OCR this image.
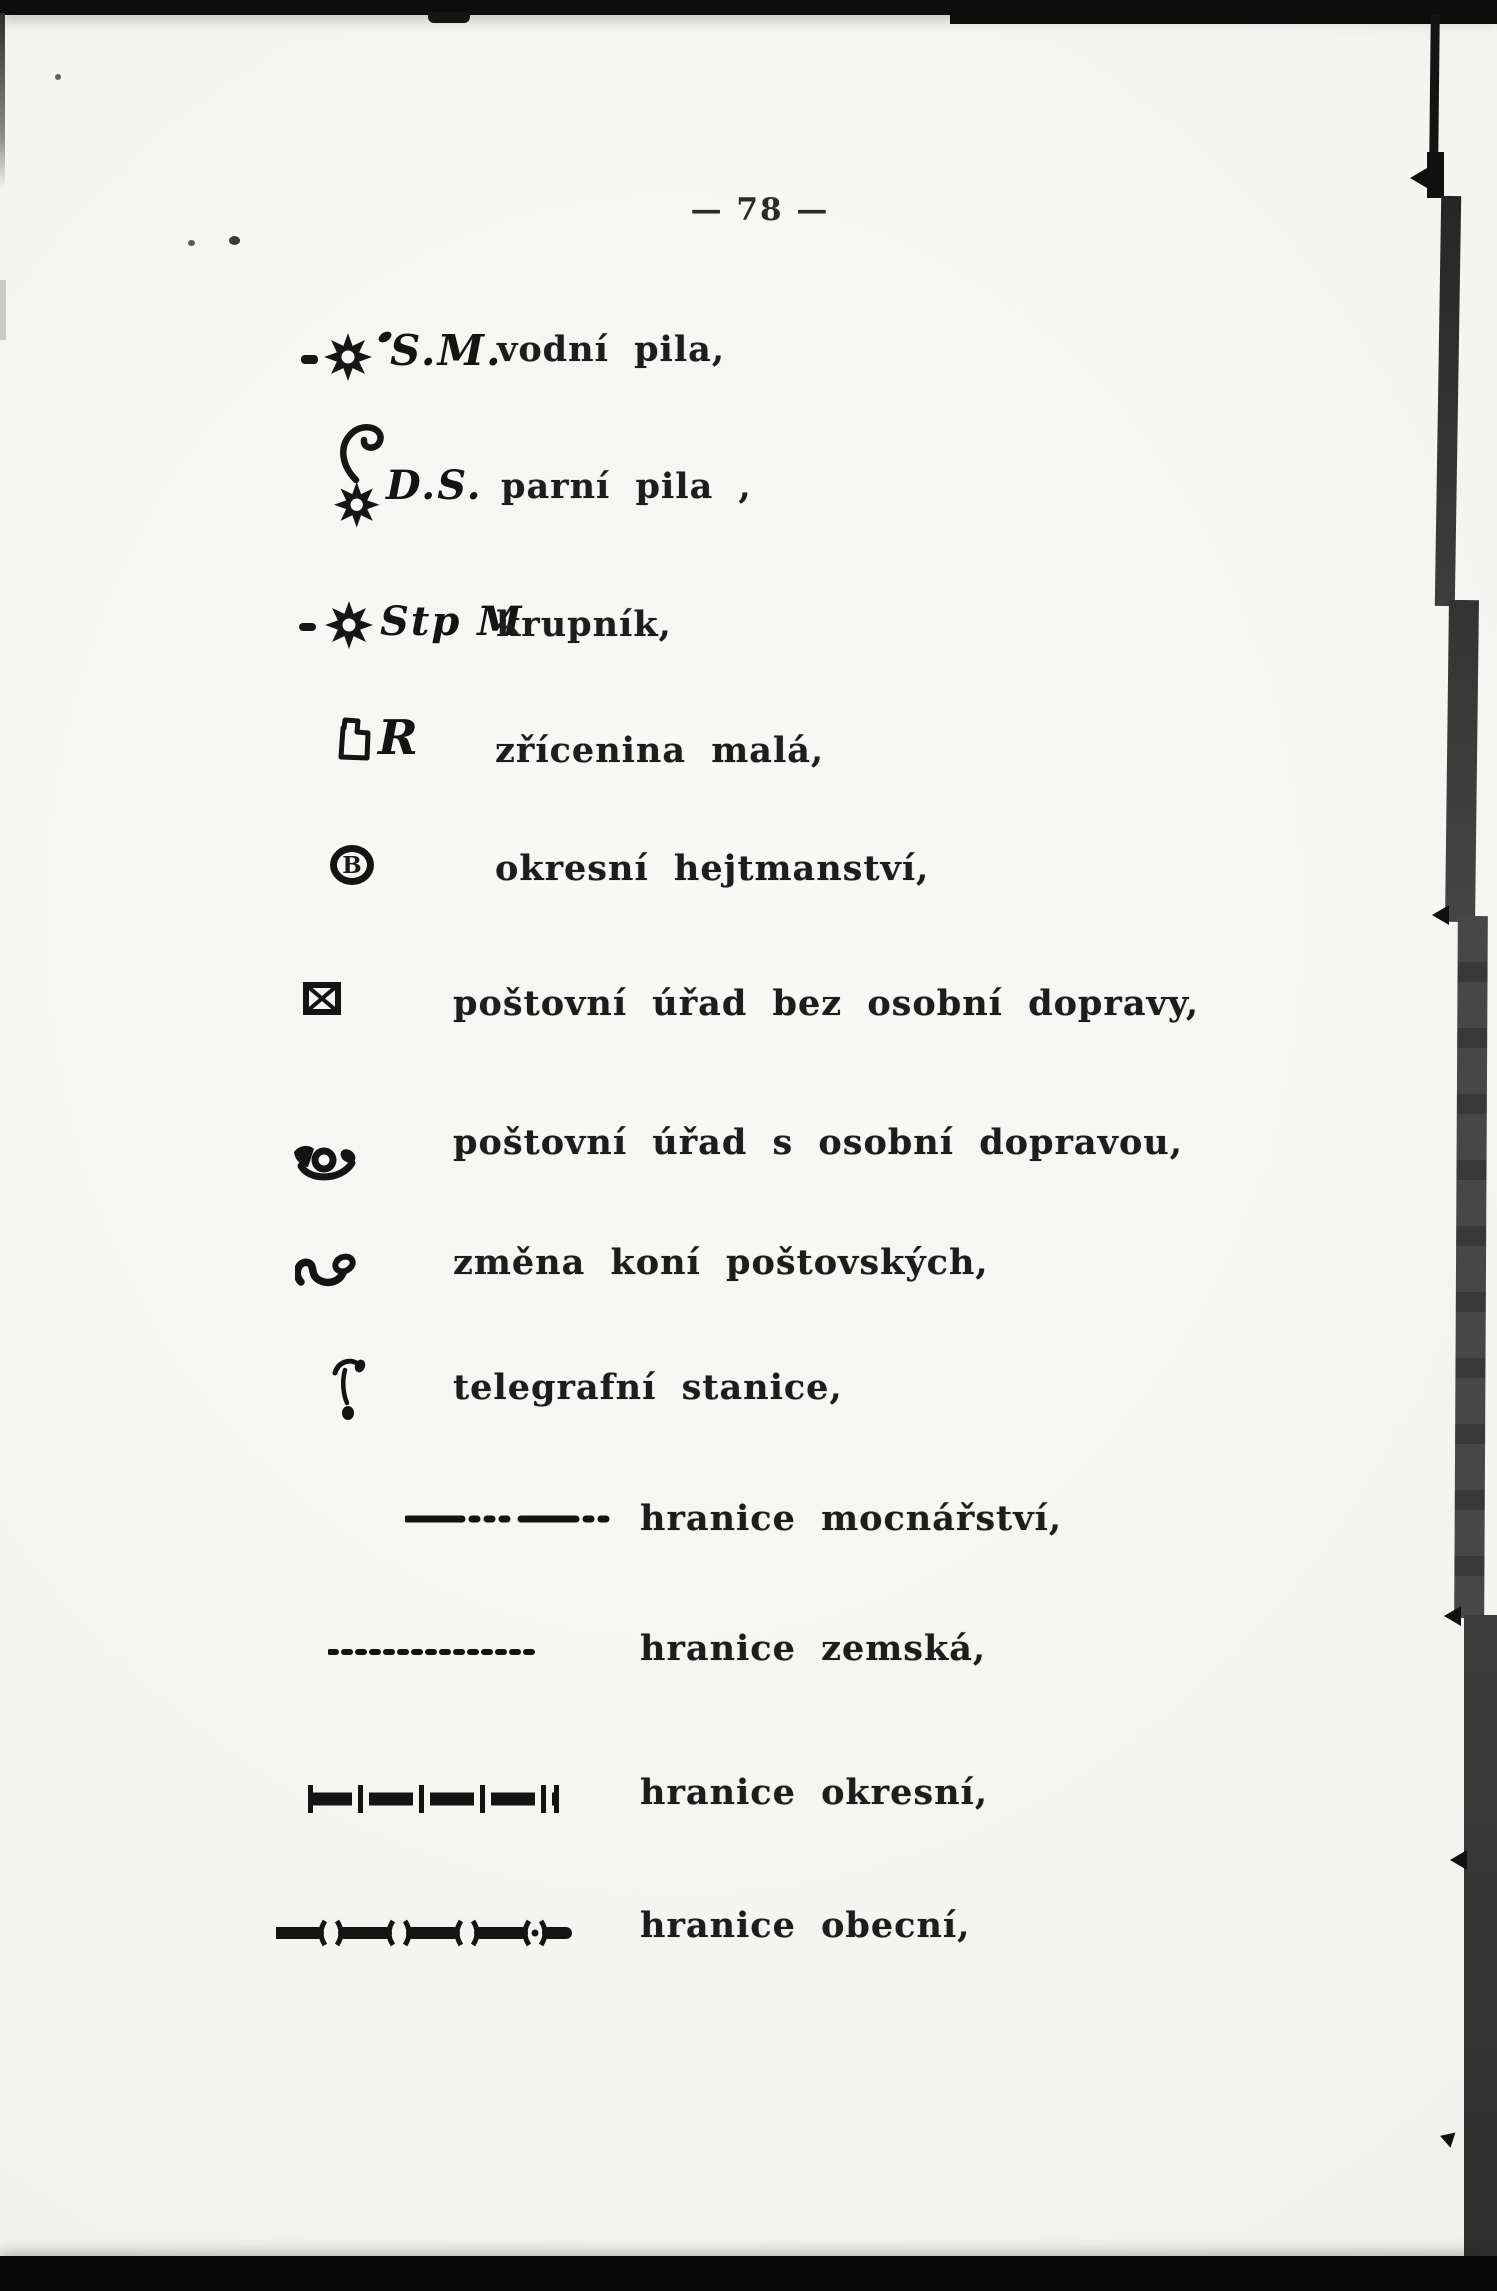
— 78 —
S.M.
vodní pila,
D.S. parní pila ,
Stp M
krupník,
R zřícenina malá,
B	okresní hejtmanství,
poštovní úřad bez osobní dopravy,
poštovní úřad s osobní dopravou,
změna koní poštovských,
telegrafní stanice,
hranice mocnářství,
hranice zemská,
hranice okresní,
hranice obecní,
